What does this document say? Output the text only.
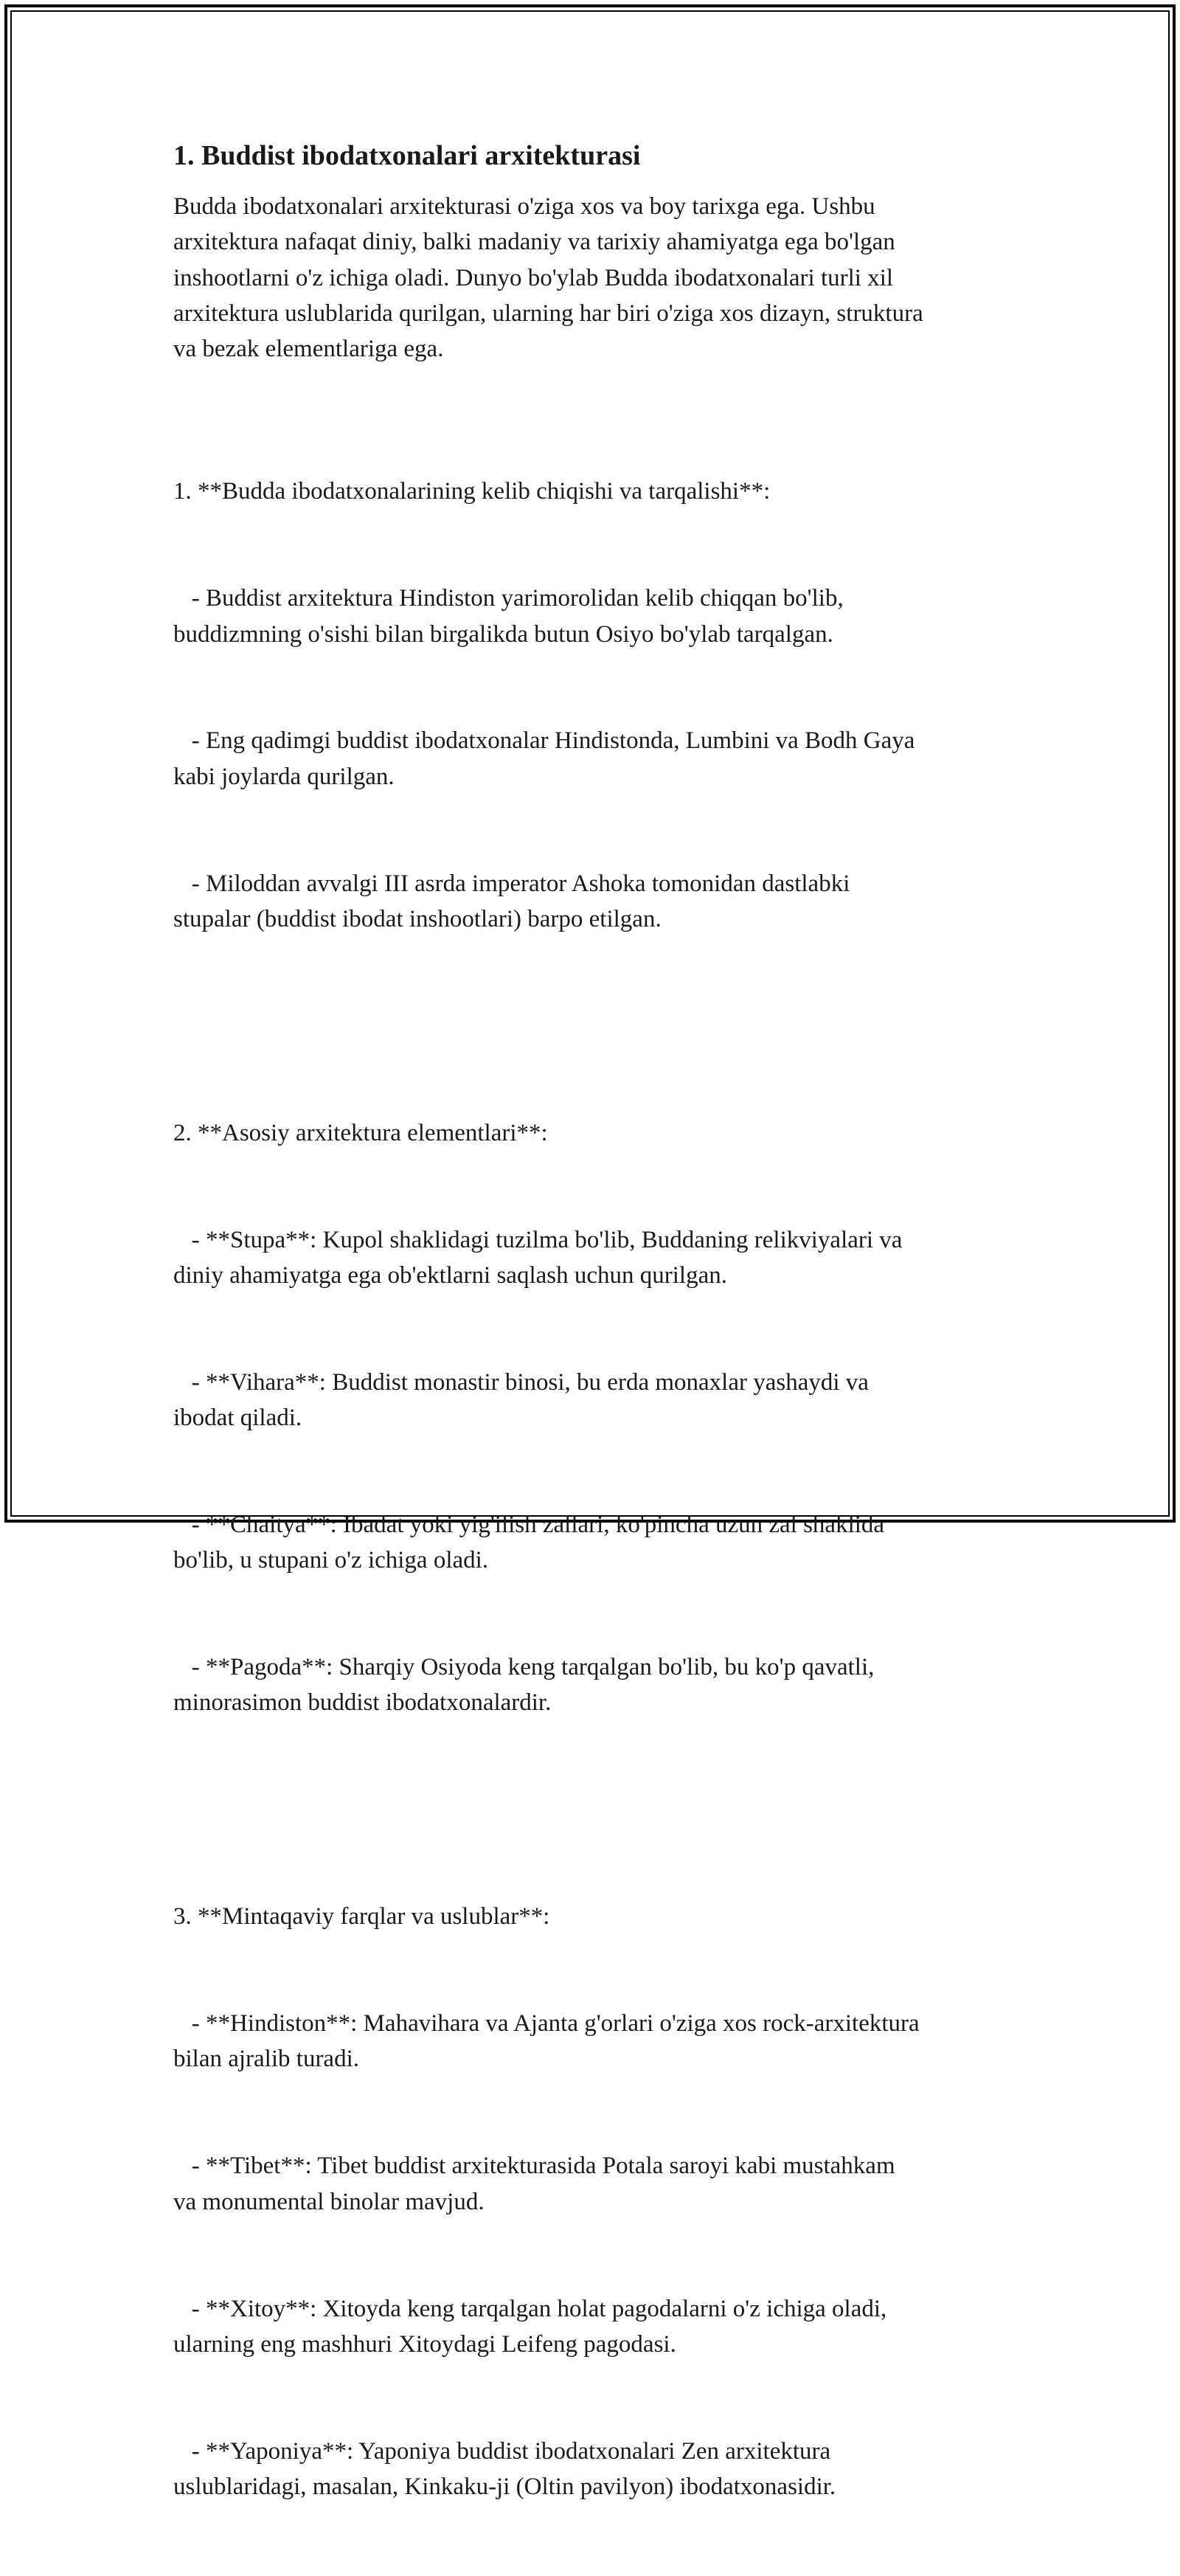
1. Buddist ibodatxonalari arxitekturasi

Budda ibodatxonalari arxitekturasi o'ziga xos va boy tarixga ega. Ushbu
arxitektura nafaqat diniy, balki madaniy va tarixiy ahamiyatga ega bo'lgan
inshootlarni o'z ichiga oladi. Dunyo bo'ylab Budda ibodatxonalari turli xil
arxitektura uslublarida qurilgan, ularning har biri o'ziga xos dizayn, struktura
va bezak elementlariga ega.

1. **Budda ibodatxonalarining kelib chiqishi va tarqalishi**:

- Buddist arxitektura Hindiston yarimorolidan kelib chiqqan bo'lib,
buddizmning o'sishi bilan birgalikda butun Osiyo bo'ylab tarqalgan.

- Eng qadimgi buddist ibodatxonalar Hindistonda, Lumbini va Bodh Gaya
kabi joylarda qurilgan.

- Miloddan avvalgi III asrda imperator Ashoka tomonidan dastlabki
stupalar (buddist ibodat inshootlari) barpo etilgan.

2. **Asosiy arxitektura elementlari**:

- **Stupa**: Kupol shaklidagi tuzilma bo'lib, Buddaning relikviyalari va
diniy ahamiyatga ega ob'ektlarni saqlash uchun qurilgan.

- **Vihara**: Buddist monastir binosi, bu erda monaxlar yashaydi va
ibodat qiladi.

- **Chaitya**: Ibadat yoki yig'ilish zallari, ko'pincha uzun zal shaklida
bo'lib, u stupani o'z ichiga oladi.

- **Pagoda**: Sharqiy Osiyoda keng tarqalgan bo'lib, bu ko'p qavatli,
minorasimon buddist ibodatxonalardir.

3. **Mintaqaviy farqlar va uslublar**:

- **Hindiston**: Mahavihara va Ajanta g'orlari o'ziga xos rock-arxitektura
bilan ajralib turadi.

- **Tibet**: Tibet buddist arxitekturasida Potala saroyi kabi mustahkam
va monumental binolar mavjud.

- **Xitoy**: Xitoyda keng tarqalgan holat pagodalarni o'z ichiga oladi,
ularning eng mashhuri Xitoydagi Leifeng pagodasi.

- **Yaponiya**: Yaponiya buddist ibodatxonalari Zen arxitektura
uslublaridagi, masalan, Kinkaku-ji (Oltin pavilyon) ibodatxonasidir.
